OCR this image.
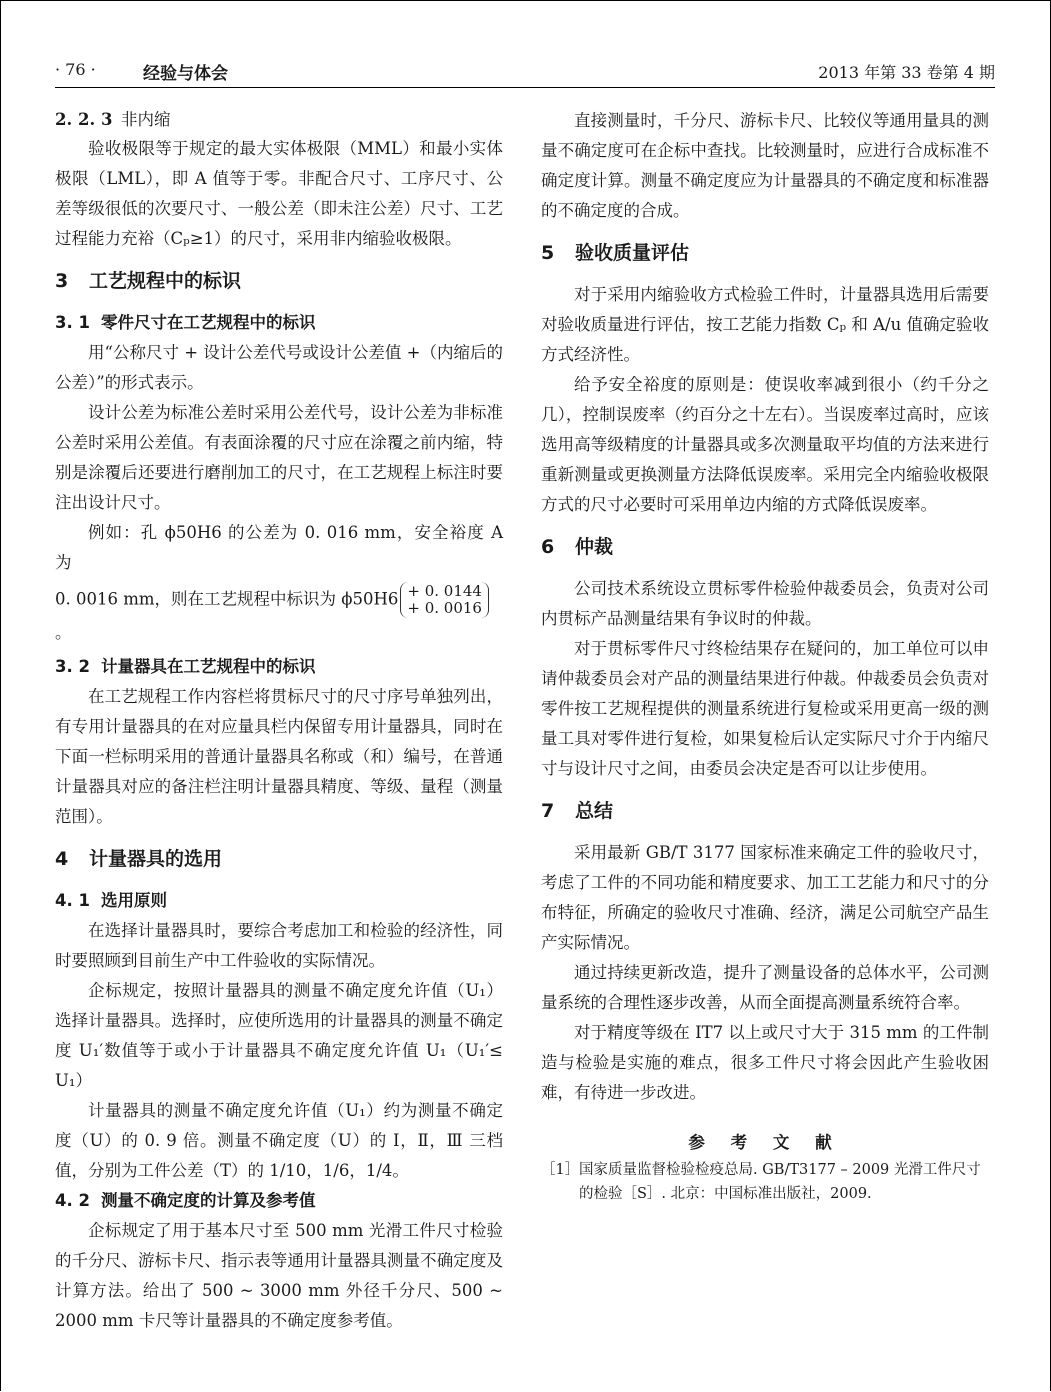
· 76 ·	经验与体会	2013 年第 33 卷第 4 期
2. 2. 3 非内缩

验收极限等于规定的最大实体极限（MML）和最小实体极限（LML），即 A 值等于零。非配合尺寸、工序尺寸、公差等级很低的次要尺寸、一般公差（即未注公差）尺寸、工艺过程能力充裕（Cₚ≥1）的尺寸，采用非内缩验收极限。

3 工艺规程中的标识
3. 1 零件尺寸在工艺规程中的标识

用“公称尺寸 + 设计公差代号或设计公差值 +（内缩后的公差）”的形式表示。

设计公差为标准公差时采用公差代号，设计公差为非标准公差时采用公差值。有表面涂覆的尺寸应在涂覆之前内缩，特别是涂覆后还要进行磨削加工的尺寸，在工艺规程上标注时要注出设计尺寸。

例如：孔 ϕ50H6 的公差为 0. 016 mm，安全裕度 A 为

0. 0016 mm，则在工艺规程中标识为 ϕ50H6 + 0. 0144
+ 0. 0016
。
3. 2 计量器具在工艺规程中的标识

在工艺规程工作内容栏将贯标尺寸的尺寸序号单独列出，有专用计量器具的在对应量具栏内保留专用计量器具，同时在下面一栏标明采用的普通计量器具名称或（和）编号，在普通计量器具对应的备注栏注明计量器具精度、等级、量程（测量范围）。

4 计量器具的选用
4. 1 选用原则

在选择计量器具时，要综合考虑加工和检验的经济性，同时要照顾到目前生产中工件验收的实际情况。

企标规定，按照计量器具的测量不确定度允许值（U₁）选择计量器具。选择时，应使所选用的计量器具的测量不确定度 U₁′数值等于或小于计量器具不确定度允许值 U₁（U₁′≤ U₁）

计量器具的测量不确定度允许值（U₁）约为测量不确定度（U）的 0. 9 倍。测量不确定度（U）的 Ⅰ，Ⅱ，Ⅲ 三档值，分别为工件公差（T）的 1/10，1/6，1/4。

4. 2 测量不确定度的计算及参考值

企标规定了用于基本尺寸至 500 mm 光滑工件尺寸检验的千分尺、游标卡尺、指示表等通用计量器具测量不确定度及计算方法。给出了 500 ~ 3000 mm 外径千分尺、500 ~ 2000 mm 卡尺等计量器具的不确定度参考值。

直接测量时，千分尺、游标卡尺、比较仪等通用量具的测量不确定度可在企标中查找。比较测量时，应进行合成标准不确定度计算。测量不确定度应为计量器具的不确定度和标准器的不确定度的合成。

5 验收质量评估

对于采用内缩验收方式检验工件时，计量器具选用后需要对验收质量进行评估，按工艺能力指数 Cₚ 和 A/u 值确定验收方式经济性。

给予安全裕度的原则是：使误收率减到很小（约千分之几），控制误废率（约百分之十左右）。当误废率过高时，应该选用高等级精度的计量器具或多次测量取平均值的方法来进行重新测量或更换测量方法降低误废率。采用完全内缩验收极限方式的尺寸必要时可采用单边内缩的方式降低误废率。

6 仲裁

公司技术系统设立贯标零件检验仲裁委员会，负责对公司内贯标产品测量结果有争议时的仲裁。

对于贯标零件尺寸终检结果存在疑问的，加工单位可以申请仲裁委员会对产品的测量结果进行仲裁。仲裁委员会负责对零件按工艺规程提供的测量系统进行复检或采用更高一级的测量工具对零件进行复检，如果复检后认定实际尺寸介于内缩尺寸与设计尺寸之间，由委员会决定是否可以让步使用。

7 总结

采用最新 GB/T 3177 国家标准来确定工件的验收尺寸，考虑了工件的不同功能和精度要求、加工工艺能力和尺寸的分布特征，所确定的验收尺寸准确、经济，满足公司航空产品生产实际情况。

通过持续更新改造，提升了测量设备的总体水平，公司测量系统的合理性逐步改善，从而全面提高测量系统符合率。

对于精度等级在 IT7 以上或尺寸大于 315 mm 的工件制造与检验是实施的难点，很多工件尺寸将会因此产生验收困难，有待进一步改进。

参 考 文 献
［1］ 国家质量监督检验检疫总局. GB/T3177 – 2009 光滑工件尺寸的检验［S］. 北京：中国标准出版社，2009.
